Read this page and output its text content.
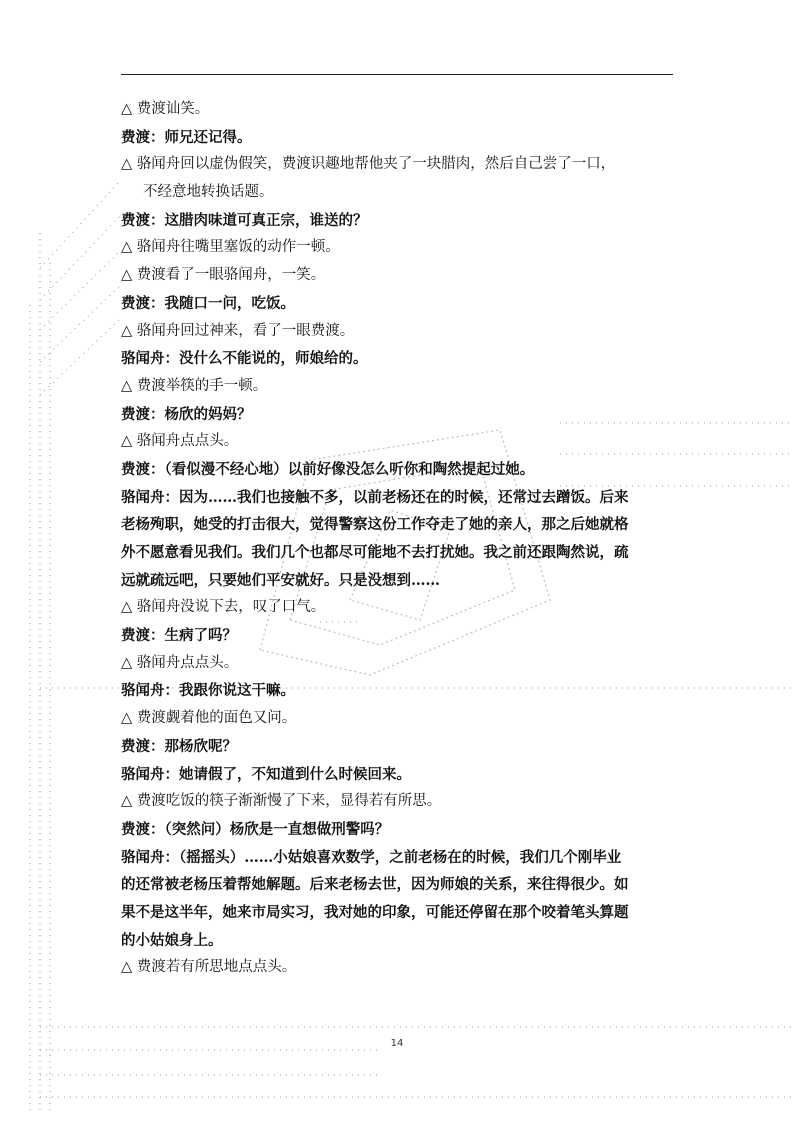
△ 费渡讪笑。
费渡：师兄还记得。
△ 骆闻舟回以虚伪假笑，费渡识趣地帮他夹了一块腊肉，然后自己尝了一口，
不经意地转换话题。
费渡：这腊肉味道可真正宗，谁送的？
△ 骆闻舟往嘴里塞饭的动作一顿。
△ 费渡看了一眼骆闻舟，一笑。
费渡：我随口一问，吃饭。
△ 骆闻舟回过神来，看了一眼费渡。
骆闻舟：没什么不能说的，师娘给的。
△ 费渡举筷的手一顿。
费渡：杨欣的妈妈？
△ 骆闻舟点点头。
费渡：（看似漫不经心地）以前好像没怎么听你和陶然提起过她。
骆闻舟：因为……我们也接触不多，以前老杨还在的时候，还常过去蹭饭。后来
老杨殉职，她受的打击很大，觉得警察这份工作夺走了她的亲人，那之后她就格
外不愿意看见我们。我们几个也都尽可能地不去打扰她。我之前还跟陶然说，疏
远就疏远吧，只要她们平安就好。只是没想到……
△ 骆闻舟没说下去，叹了口气。
费渡：生病了吗？
△ 骆闻舟点点头。
骆闻舟：我跟你说这干嘛。
△ 费渡觑着他的面色又问。
费渡：那杨欣呢？
骆闻舟：她请假了，不知道到什么时候回来。
△ 费渡吃饭的筷子渐渐慢了下来，显得若有所思。
费渡：（突然问）杨欣是一直想做刑警吗？
骆闻舟：（摇摇头）……小姑娘喜欢数学，之前老杨在的时候，我们几个刚毕业
的还常被老杨压着帮她解题。后来老杨去世，因为师娘的关系，来往得很少。如
果不是这半年，她来市局实习，我对她的印象，可能还停留在那个咬着笔头算题
的小姑娘身上。
△ 费渡若有所思地点点头。
14
